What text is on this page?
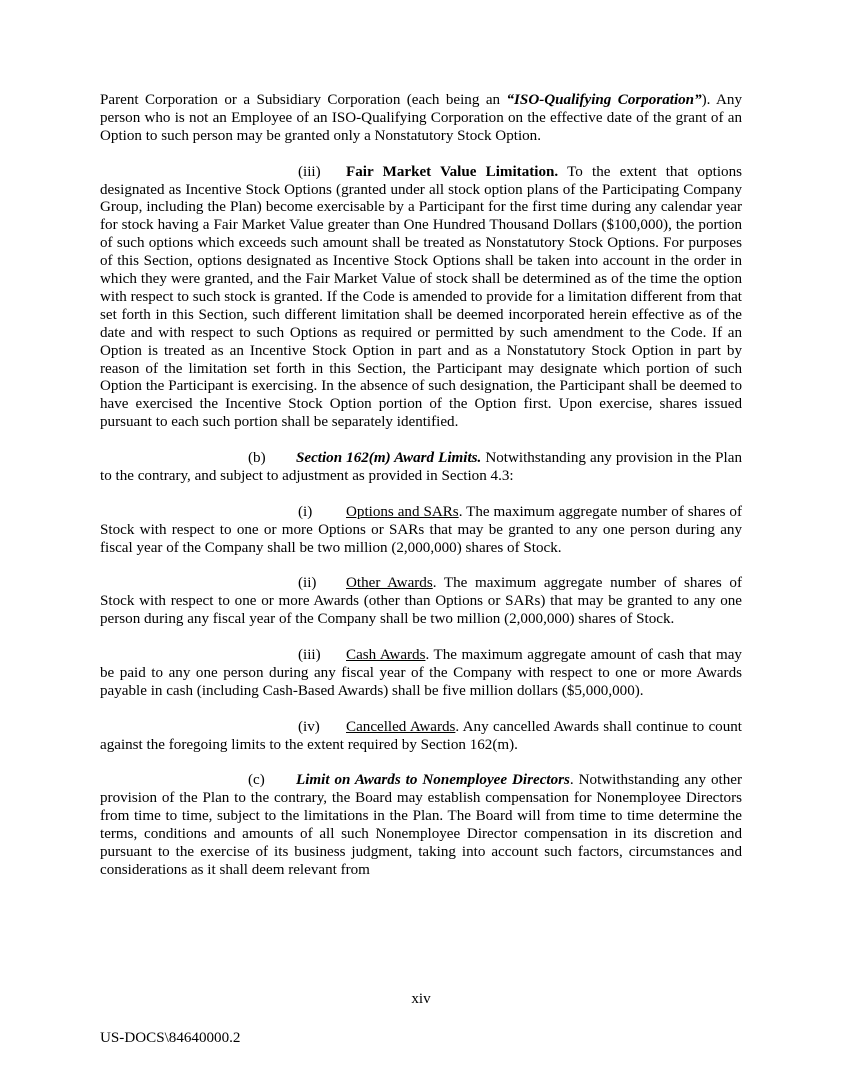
Parent Corporation or a Subsidiary Corporation (each being an “ISO-Qualifying Corporation”). Any person who is not an Employee of an ISO-Qualifying Corporation on the effective date of the grant of an Option to such person may be granted only a Nonstatutory Stock Option.

(iii) Fair Market Value Limitation. To the extent that options designated as Incentive Stock Options (granted under all stock option plans of the Participating Company Group, including the Plan) become exercisable by a Participant for the first time during any calendar year for stock having a Fair Market Value greater than One Hundred Thousand Dollars ($100,000), the portion of such options which exceeds such amount shall be treated as Nonstatutory Stock Options. For purposes of this Section, options designated as Incentive Stock Options shall be taken into account in the order in which they were granted, and the Fair Market Value of stock shall be determined as of the time the option with respect to such stock is granted. If the Code is amended to provide for a limitation different from that set forth in this Section, such different limitation shall be deemed incorporated herein effective as of the date and with respect to such Options as required or permitted by such amendment to the Code. If an Option is treated as an Incentive Stock Option in part and as a Nonstatutory Stock Option in part by reason of the limitation set forth in this Section, the Participant may designate which portion of such Option the Participant is exercising. In the absence of such designation, the Participant shall be deemed to have exercised the Incentive Stock Option portion of the Option first. Upon exercise, shares issued pursuant to each such portion shall be separately identified.

(b) Section 162(m) Award Limits. Notwithstanding any provision in the Plan to the contrary, and subject to adjustment as provided in Section 4.3:

(i) Options and SARs. The maximum aggregate number of shares of Stock with respect to one or more Options or SARs that may be granted to any one person during any fiscal year of the Company shall be two million (2,000,000) shares of Stock.

(ii) Other Awards. The maximum aggregate number of shares of Stock with respect to one or more Awards (other than Options or SARs) that may be granted to any one person during any fiscal year of the Company shall be two million (2,000,000) shares of Stock.

(iii) Cash Awards. The maximum aggregate amount of cash that may be paid to any one person during any fiscal year of the Company with respect to one or more Awards payable in cash (including Cash-Based Awards) shall be five million dollars ($5,000,000).

(iv) Cancelled Awards. Any cancelled Awards shall continue to count against the foregoing limits to the extent required by Section 162(m).

(c) Limit on Awards to Nonemployee Directors. Notwithstanding any other provision of the Plan to the contrary, the Board may establish compensation for Nonemployee Directors from time to time, subject to the limitations in the Plan. The Board will from time to time determine the terms, conditions and amounts of all such Nonemployee Director compensation in its discretion and pursuant to the exercise of its business judgment, taking into account such factors, circumstances and considerations as it shall deem relevant from

xiv
US-DOCS\84640000.2
